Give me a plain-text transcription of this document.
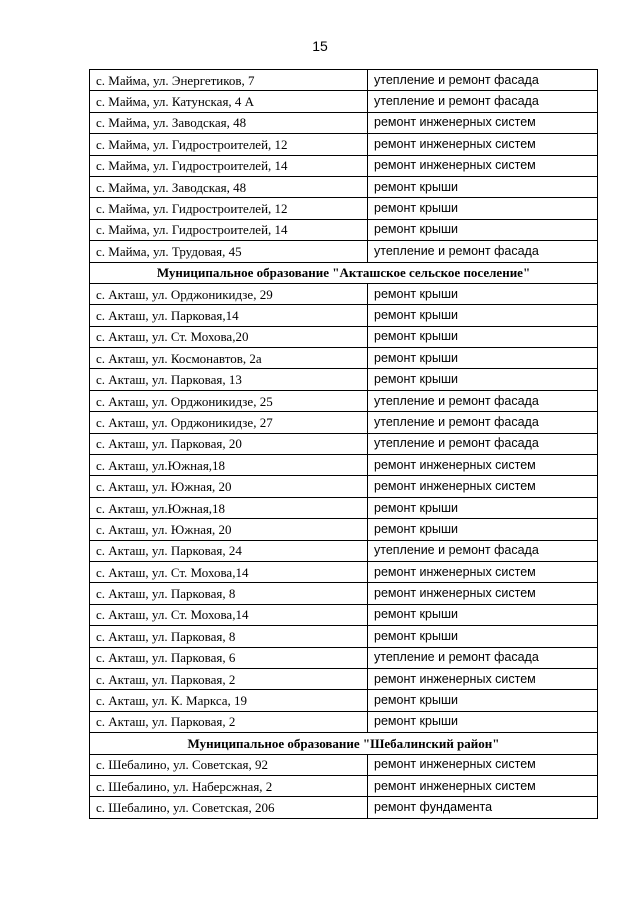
15
с. Майма, ул. Энергетиков, 7	утепление и ремонт фасада
с. Майма, ул. Катунская, 4 А	утепление и ремонт фасада
с. Майма, ул. Заводская, 48	ремонт инженерных систем
с. Майма, ул. Гидростроителей, 12	ремонт инженерных систем
с. Майма, ул. Гидростроителей, 14	ремонт инженерных систем
с. Майма, ул. Заводская, 48	ремонт крыши
с. Майма, ул. Гидростроителей, 12	ремонт крыши
с. Майма, ул. Гидростроителей, 14	ремонт крыши
с. Майма, ул. Трудовая, 45	утепление и ремонт фасада
Муниципальное образование "Акташское сельское поселение"	
с. Акташ, ул. Орджоникидзе, 29	ремонт крыши
с. Акташ, ул. Парковая,14	ремонт крыши
с. Акташ, ул. Ст. Мохова,20	ремонт крыши
с. Акташ, ул. Космонавтов, 2а	ремонт крыши
с. Акташ, ул. Парковая, 13	ремонт крыши
с. Акташ, ул. Орджоникидзе, 25	утепление и ремонт фасада
с. Акташ, ул. Орджоникидзе, 27	утепление и ремонт фасада
с. Акташ, ул. Парковая, 20	утепление и ремонт фасада
с. Акташ, ул.Южная,18	ремонт инженерных систем
с. Акташ, ул. Южная, 20	ремонт инженерных систем
с. Акташ, ул.Южная,18	ремонт крыши
с. Акташ, ул. Южная, 20	ремонт крыши
с. Акташ, ул. Парковая, 24	утепление и ремонт фасада
с. Акташ, ул. Ст. Мохова,14	ремонт инженерных систем
с. Акташ, ул. Парковая, 8	ремонт инженерных систем
с. Акташ, ул. Ст. Мохова,14	ремонт крыши
с. Акташ, ул. Парковая, 8	ремонт крыши
с. Акташ, ул. Парковая, 6	утепление и ремонт фасада
с. Акташ, ул. Парковая, 2	ремонт инженерных систем
с. Акташ, ул. К. Маркса, 19	ремонт крыши
с. Акташ, ул. Парковая, 2	ремонт крыши
Муниципальное образование "Шебалинский район"	
с. Шебалино, ул. Советская, 92	ремонт инженерных систем
с. Шебалино, ул. Наберсжная, 2	ремонт инженерных систем
с. Шебалино, ул. Советская, 206	ремонт фундамента
